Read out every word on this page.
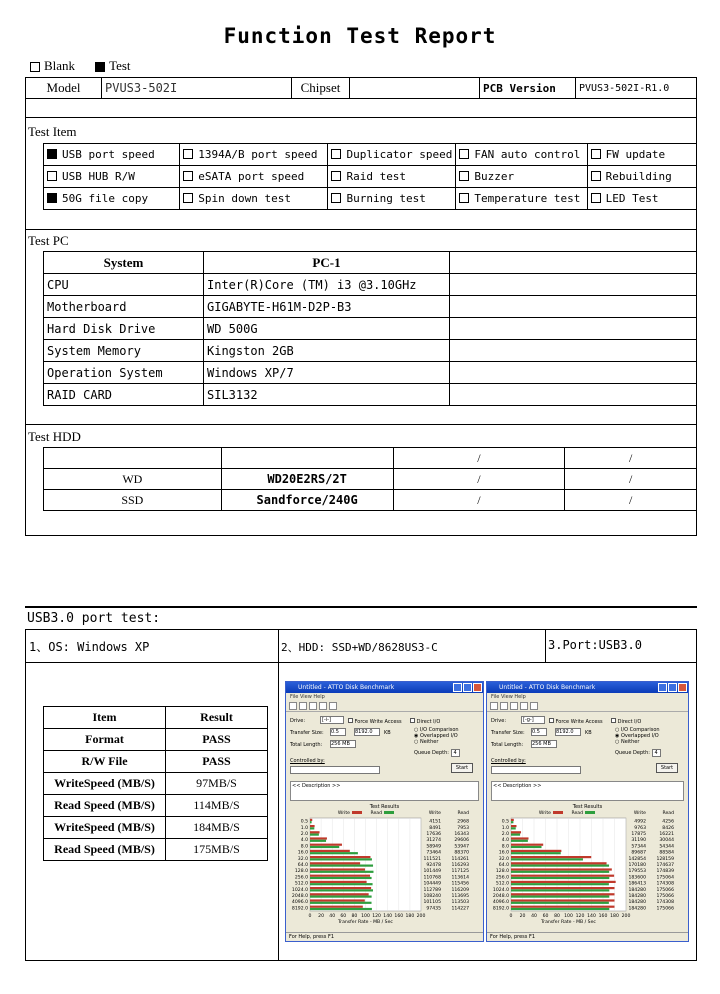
Function Test Report
Blank	Test
Model	PVUS3-502I	Chipset		PCB Version	PVUS3-502I-R1.0
Test Item
USB port speed	1394A/B port speed	Duplicator speed	FAN auto control	FW update
USB HUB R/W	eSATA port speed	Raid test	Buzzer	Rebuilding
50G file copy	Spin down test	Burning test	Temperature test	LED Test
Test PC
System	PC-1	
CPU	Inter(R)Core (TM) i3 @3.10GHz	
Motherboard	GIGABYTE-H61M-D2P-B3	
Hard Disk Drive	WD 500G	
System Memory	Kingston 2GB	
Operation System	Windows XP/7	
RAID CARD	SIL3132	
Test HDD
		/	/
WD	WD20E2RS/2T	/	/
SSD	Sandforce/240G	/	/
USB3.0 port test:
1、OS: Windows XP	2、HDD: SSD+WD/8628US3-C	3.Port:USB3.0
Item	Result
Format	PASS
R/W File	PASS
WriteSpeed (MB/S)	97MB/S
Read Speed (MB/S)	114MB/S
WriteSpeed (MB/S)	184MB/S
Read Speed (MB/S)	175MB/S
Untitled - ATTO Disk Benchmark
File View Help
Drive:	[-i-]	Force Write Access	Direct I/O
Transfer Size: 0.5	8192.0	KB	○ I/O Comparison
◉ Overlapped I/O
○ Neither
Total Length: 256 MB
Queue Depth: 4
Controlled by:
Start
<< Description >>
Test Results
Write	Read	Write	Read
0 20 40 60 80 100 120 140 160 180 200
0.5	4151	2968
1.0	8491	7953
2.0	17636	16343
4.0	31274	29606
8.0	58949	53947
16.0	73464	88370
32.0	111521 114261
64.0	92478 116293
128.0	101449 117125
256.0	110768 113614
512.0	104449 115456
1024.0	112789 116209
2048.0	108240 113695
4096.0	101105 113503
8192.0	97435 114227
Transfer Rate - MB / Sec
For Help, press F1
Untitled - ATTO Disk Benchmark
File View Help
Drive:	[-g-]	Force Write Access	Direct I/O
Transfer Size: 0.5	8192.0	KB	○ I/O Comparison
◉ Overlapped I/O
○ Neither
Total Length: 256 MB
Queue Depth: 4
Controlled by:
Start
<< Description >>
Test Results
Write	Read	Write	Read
0 20 40 60 80 100 120 140 160 180 200
0.5	4992	4256
1.0	9763	8426
2.0	17875	16221
4.0	31190	30044
8.0	57344	54344
16.0	89687	88584
32.0	142854 128159
64.0	170180 174637
128.0	179553 174839
256.0	183600 175064
512.0	186413 174308
1024.0	184280 175066
2048.0	184280 175066
4096.0	184280 174308
8192.0	184280 175066
Transfer Rate - MB / Sec
For Help, press F1
